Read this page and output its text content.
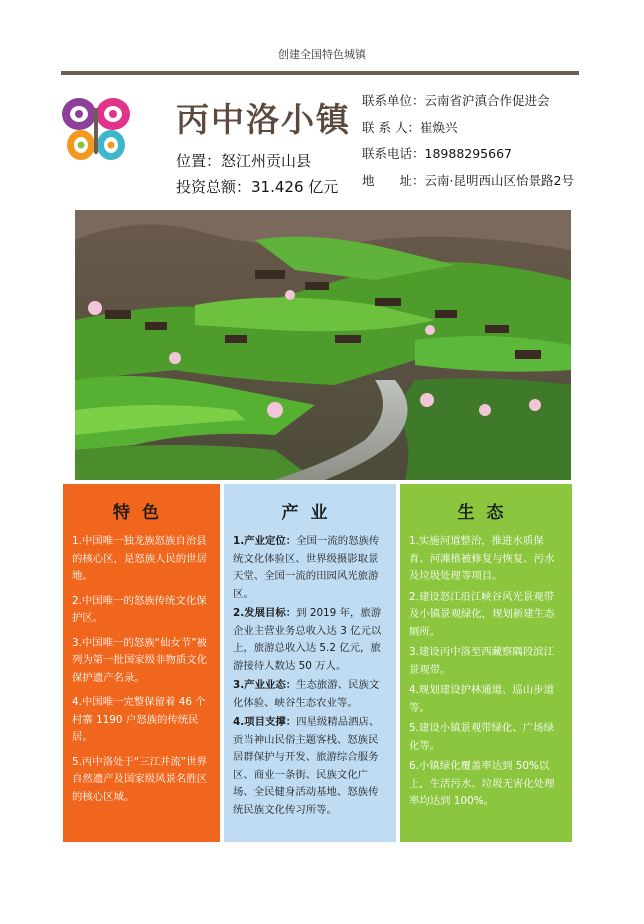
创建全国特色城镇
丙中洛小镇
位置：怒江州贡山县
投资总额：31.426 亿元
联系单位：云南省沪滇合作促进会
联 系 人：崔焕兴
联系电话：18988295667
地　　址：云南·昆明西山区怡景路2号
特色
1.中国唯一独龙族怒族自治县的核心区，是怒族人民的世居地。
2.中国唯一的怒族传统文化保护区。
3.中国唯一的怒族“仙女节”被列为第一批国家级非物质文化保护遗产名录。
4.中国唯一完整保留着 46 个村寨 1190 户怒族的传统民居。
5.丙中洛处于“三江并流”世界自然遗产及国家级风景名胜区的核心区域。
产业
1.产业定位：全国一流的怒族传统文化体验区、世界级摄影取景天堂、全国一流的田园风光旅游区。
2.发展目标：到 2019 年，旅游企业主营业务总收入达 3 亿元以上，旅游总收入达 5.2 亿元，旅游接待人数达 50 万人。
3.产业业态：生态旅游、民族文化体验、峡谷生态农业等。
4.项目支撑：四星级精品酒店、贡当神山民俗主题客栈、怒族民居群保护与开发、旅游综合服务区、商业一条街、民族文化广场、全民健身活动基地、怒族传统民族文化传习所等。
生态
1.实施河道整治，推进水质保育、河滩植被修复与恢复、污水及垃圾处理等项目。
2.建设怒江沿江峡谷风光景观带及小镇景观绿化，规划新建生态厕所。
3.建设丙中洛至西藏察隅段滨江景观带。
4.规划建设护林通道、巡山步道等。
5.建设小镇景观带绿化、广场绿化等。
6.小镇绿化覆盖率达到 50%以上，生活污水、垃圾无害化处理率均达到 100%。
